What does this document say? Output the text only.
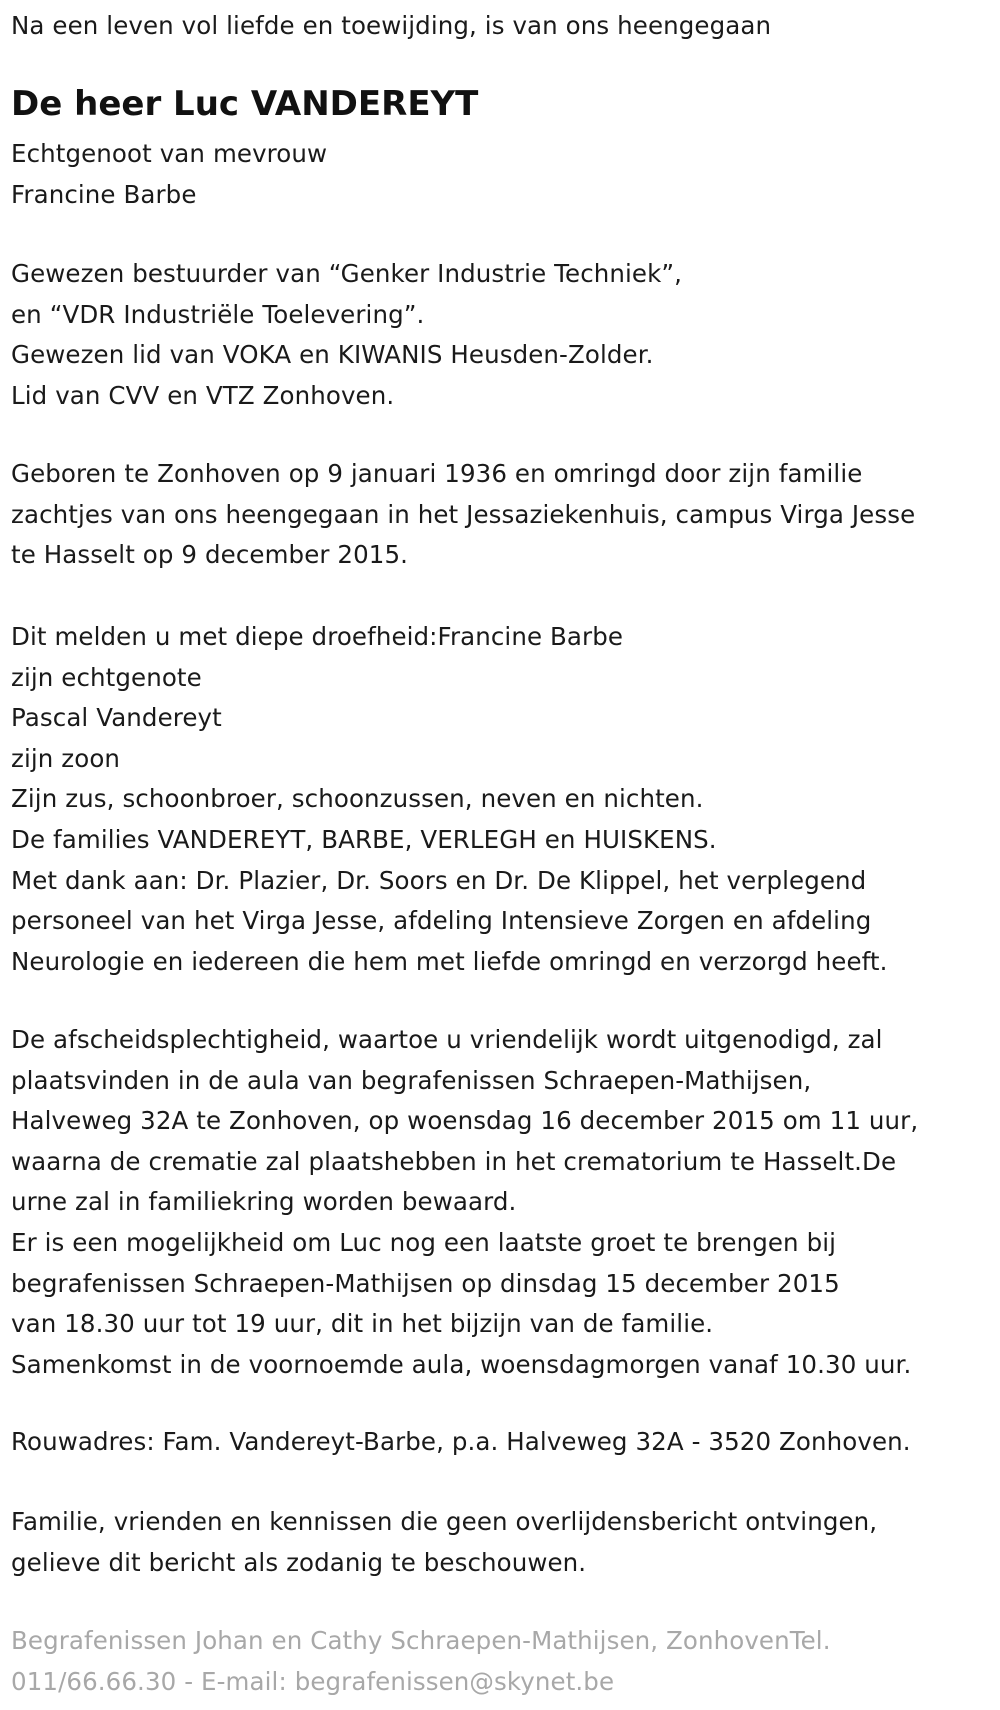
Na een leven vol liefde en toewijding, is van ons heengegaan
De heer Luc VANDEREYT
Echtgenoot van mevrouw
Francine Barbe
Gewezen bestuurder van “Genker Industrie Techniek”,
en “VDR Industriële Toelevering”.
Gewezen lid van VOKA en KIWANIS Heusden-Zolder.
Lid van CVV en VTZ Zonhoven.
Geboren te Zonhoven op 9 januari 1936 en omringd door zijn familie
zachtjes van ons heengegaan in het Jessaziekenhuis, campus Virga Jesse
te Hasselt op 9 december 2015.
Dit melden u met diepe droefheid:Francine Barbe
zijn echtgenote
Pascal Vandereyt
zijn zoon
Zijn zus, schoonbroer, schoonzussen, neven en nichten.
De families VANDEREYT, BARBE, VERLEGH en HUISKENS.
Met dank aan: Dr. Plazier, Dr. Soors en Dr. De Klippel, het verplegend
personeel van het Virga Jesse, afdeling Intensieve Zorgen en afdeling
Neurologie en iedereen die hem met liefde omringd en verzorgd heeft.
De afscheidsplechtigheid, waartoe u vriendelijk wordt uitgenodigd, zal
plaatsvinden in de aula van begrafenissen Schraepen-Mathijsen,
Halveweg 32A te Zonhoven, op woensdag 16 december 2015 om 11 uur,
waarna de crematie zal plaatshebben in het crematorium te Hasselt.De
urne zal in familiekring worden bewaard.
Er is een mogelijkheid om Luc nog een laatste groet te brengen bij
begrafenissen Schraepen-Mathijsen op dinsdag 15 december 2015
van 18.30 uur tot 19 uur, dit in het bijzijn van de familie.
Samenkomst in de voornoemde aula, woensdagmorgen vanaf 10.30 uur.
Rouwadres: Fam. Vandereyt-Barbe, p.a. Halveweg 32A - 3520 Zonhoven.
Familie, vrienden en kennissen die geen overlijdensbericht ontvingen,
gelieve dit bericht als zodanig te beschouwen.
Begrafenissen Johan en Cathy Schraepen-Mathijsen, ZonhovenTel.
011/66.66.30 - E-mail: begrafenissen@skynet.be
